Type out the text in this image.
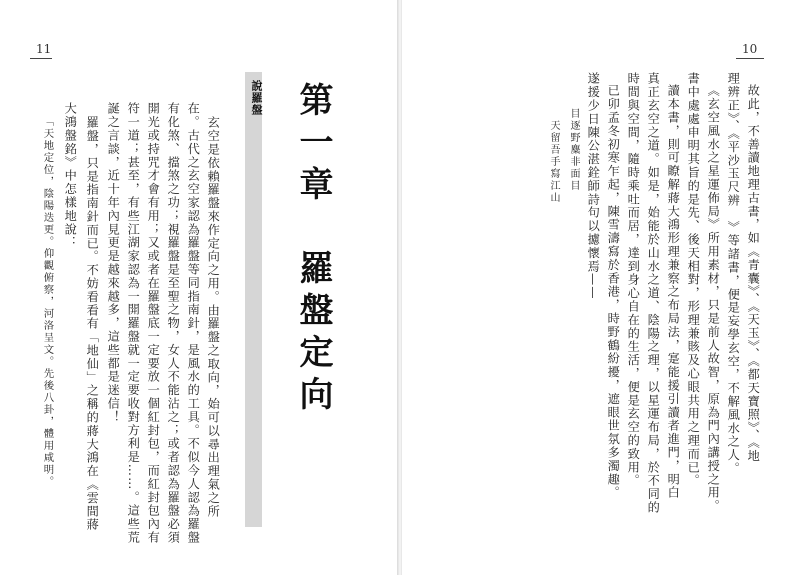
11
第一章　羅盤定向
說羅盤
玄空是依賴羅盤來作定向之用。由羅盤之取向，始可以尋出理氣之所
在。古代之玄空家認為羅盤等同指南針，是風水的工具。不似今人認為羅盤
有化煞、擋煞之功；視羅盤是至聖之物，女人不能沾之；或者認為羅盤必須
開光或持咒才會有用；又或者在羅盤底一定要放一個紅封包，而紅封包內有
符一道；甚至，有些江湖家認為一開羅盤就一定要收對方利是……。這些荒
誕之言談，近十年內見更是越來越多，這些都是迷信！
羅盤，只是指南針而已。不妨看看有「地仙」之稱的蔣大鴻在《雲間蔣
大鴻盤銘》中怎樣地說：
「天地定位，陰陽迭更。仰觀俯察，河洛呈文。先後八卦，體用咸明。
10
故此，不善讀地理古書，如《青囊》、《天玉》、《都天寶照》、《地
理辨正》、《平沙玉尺辨　》等諸書，便是妄學玄空，不解風水之人。
《玄空風水之星運佈局》所用素材，只是前人故智，原為門內講授之用。
書中處處申明其旨的是先、後天相對，形理兼賅及心眼共用之理而已。
讀本書，則可瞭解蔣大鴻形理兼察之布局法，寔能援引讀者進門，明白
真正玄空之道。如是，始能於山水之道、陰陽之理，以星運布局，於不同的
時間與空間，隨時乘吐而居，達到身心自在的生活，便是玄空的致用。
已卯孟冬初寒乍起，陳雪濤寫於香港，時野鶴紛擾，遮眼世氛多濁趣。
遂援少日陳公湛銓師詩句以攄懷焉——
目逐野麋非面目
天留吾手寫江山
